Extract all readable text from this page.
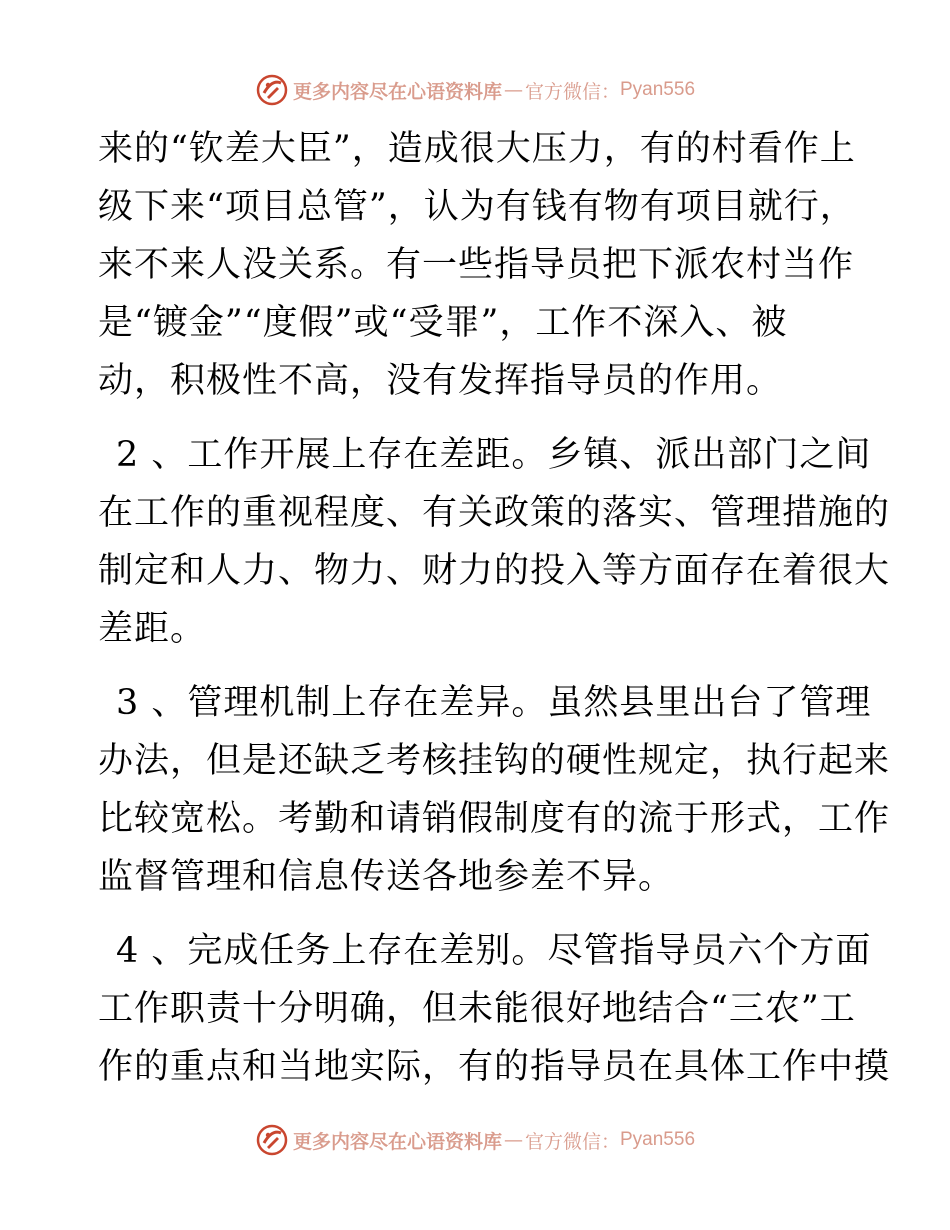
更多内容尽在心语资料库 — 官方微信： Pyan556
来的“钦差大臣”，造成很大压力，有的村看作上
级下来“项目总管”，认为有钱有物有项目就行，
来不来人没关系。有一些指导员把下派农村当作
是“镀金”“度假”或“受罪”，工作不深入、被
动，积极性不高，没有发挥指导员的作用。
2 、工作开展上存在差距。乡镇、派出部门之间
在工作的重视程度、有关政策的落实、管理措施的
制定和人力、物力、财力的投入等方面存在着很大
差距。
3 、管理机制上存在差异。虽然县里出台了管理
办法，但是还缺乏考核挂钩的硬性规定，执行起来
比较宽松。考勤和请销假制度有的流于形式，工作
监督管理和信息传送各地参差不异。
4 、完成任务上存在差别。尽管指导员六个方面
工作职责十分明确，但未能很好地结合“三农”工
作的重点和当地实际，有的指导员在具体工作中摸
更多内容尽在心语资料库 — 官方微信： Pyan556
